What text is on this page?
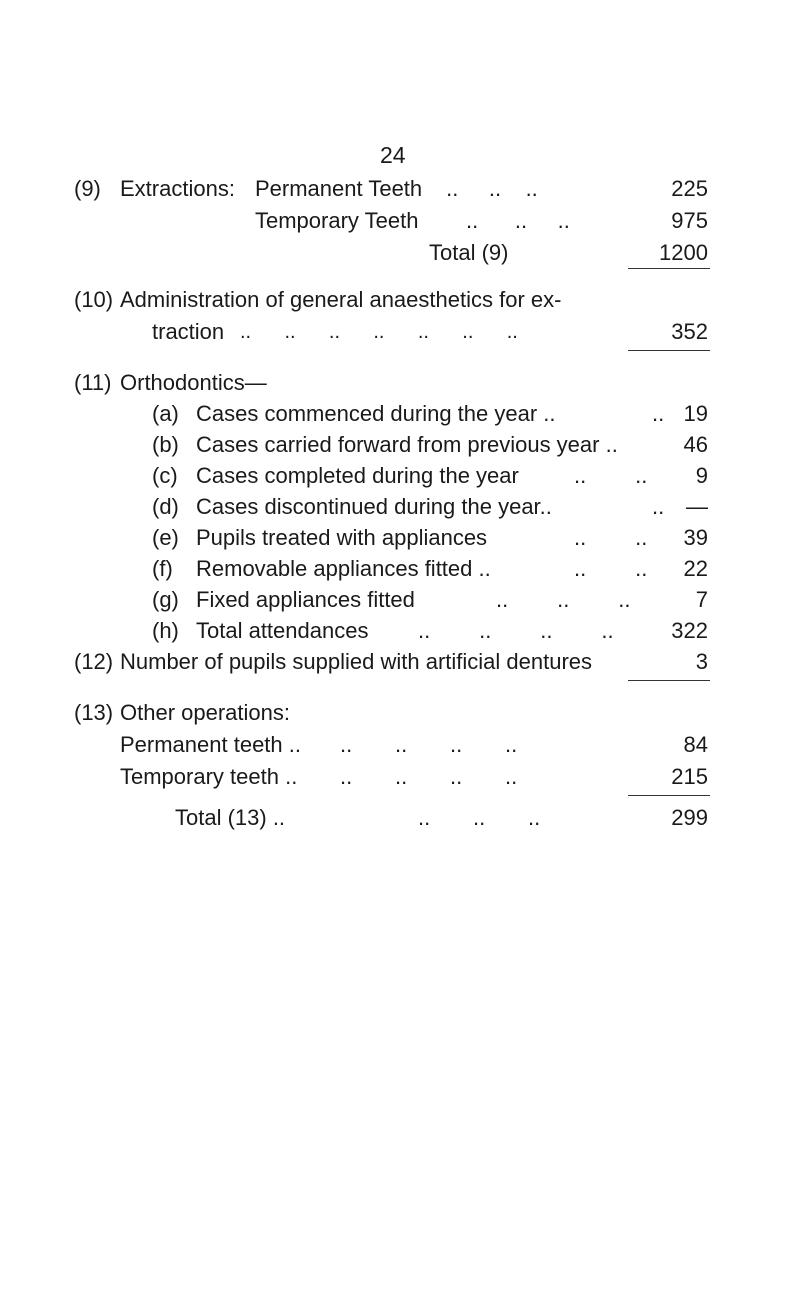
24
(9) Extractions: Permanent Teeth ..     ..    ..	225
Temporary Teeth ..      ..     ..	975
Total (9)	1200
(10) Administration of general anaesthetics for ex-
traction ..      ..      ..      ..      ..      ..      ..	352
(11) Orthodontics—
(a) Cases commenced during the year ..	.. 19
(b) Cases carried forward from previous year ..	46
(c) Cases completed during the year	..        ..	9
(d) Cases discontinued during the year..	.. —
(e) Pupils treated with appliances	..        ..	39
(f) Removable appliances fitted ..	..        ..	22
(g) Fixed appliances fitted	..        ..        ..	7
(h) Total attendances ..        ..        ..        ..	322
(12) Number of pupils supplied with artificial dentures	3
(13) Other operations:
Permanent teeth .. ..       ..       ..       ..	84
Temporary teeth .. ..       ..       ..       ..	215
Total (13) ..	..       ..       ..	299
